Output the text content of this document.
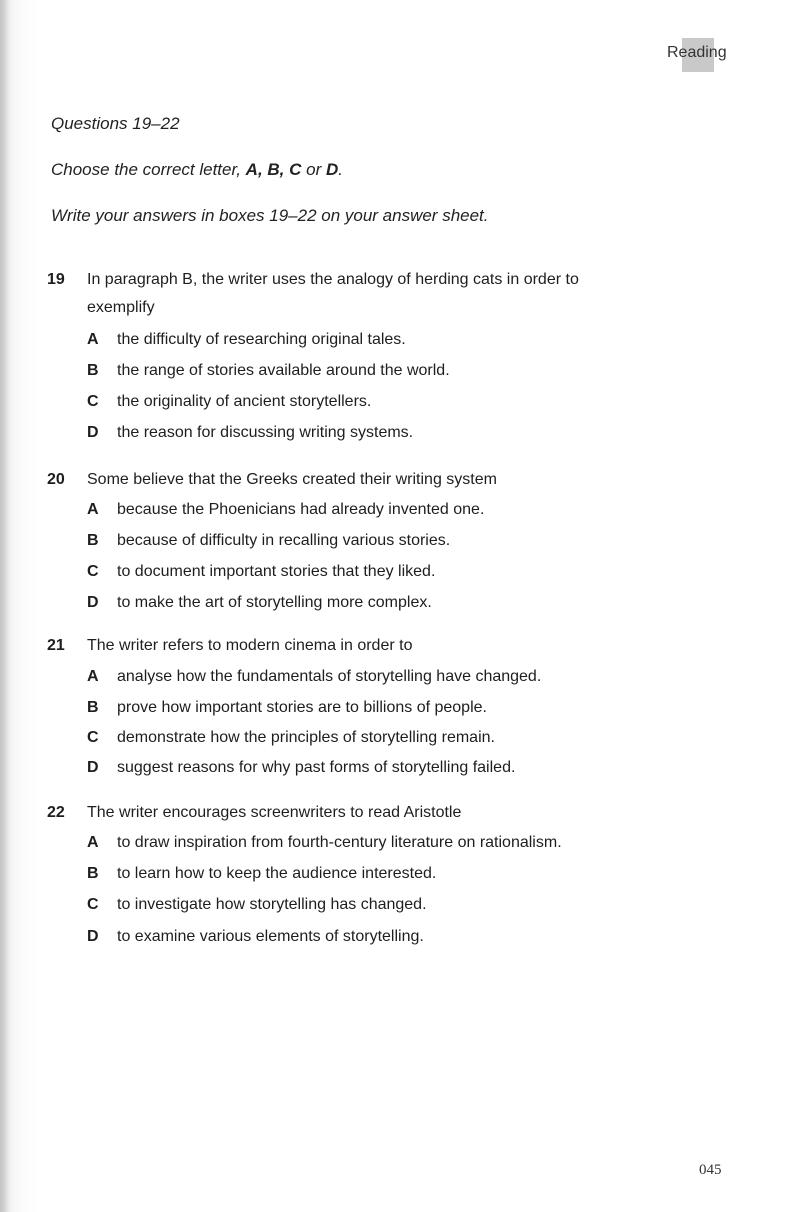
Reading

Questions 19–22

Choose the correct letter, A, B, C or D.

Write your answers in boxes 19–22 on your answer sheet.

19	In paragraph B, the writer uses the analogy of herding cats in order to
exemplify
A the difficulty of researching original tales.
B the range of stories available around the world.
C the originality of ancient storytellers.
D the reason for discussing writing systems.
20	Some believe that the Greeks created their writing system
A because the Phoenicians had already invented one.
B because of difficulty in recalling various stories.
C to document important stories that they liked.
D to make the art of storytelling more complex.
21	The writer refers to modern cinema in order to
A analyse how the fundamentals of storytelling have changed.
B prove how important stories are to billions of people.
C demonstrate how the principles of storytelling remain.
D suggest reasons for why past forms of storytelling failed.
22	The writer encourages screenwriters to read Aristotle
A to draw inspiration from fourth-century literature on rationalism.
B to learn how to keep the audience interested.
C to investigate how storytelling has changed.
D to examine various elements of storytelling.
045
